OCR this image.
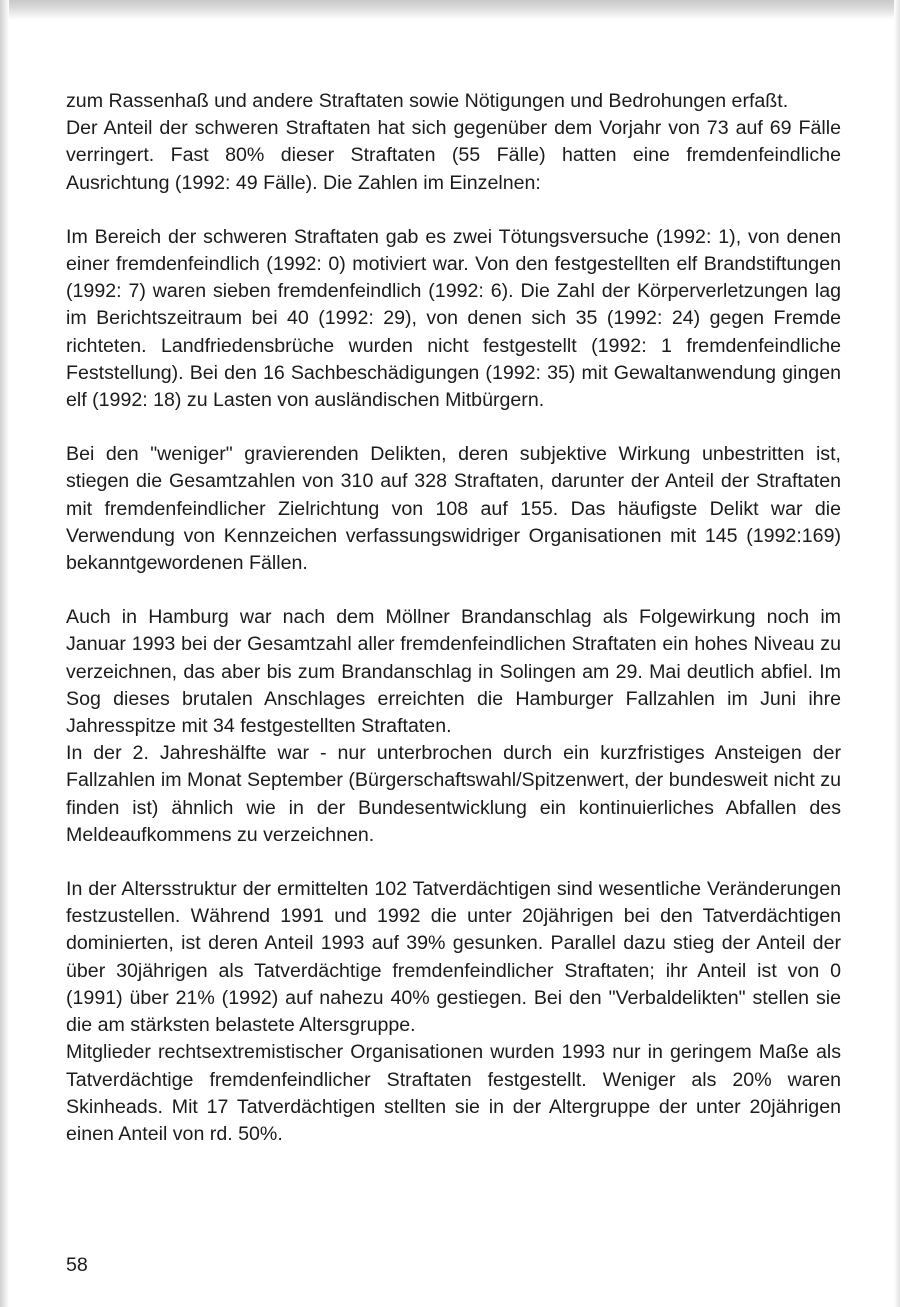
zum Rassenhaß und andere Straftaten sowie Nötigungen und Bedrohungen erfaßt.

Der Anteil der schweren Straftaten hat sich gegenüber dem Vorjahr von 73 auf 69 Fälle verringert. Fast 80% dieser Straftaten (55 Fälle) hatten eine fremdenfeindliche Ausrichtung (1992: 49 Fälle). Die Zahlen im Einzelnen:

Im Bereich der schweren Straftaten gab es zwei Tötungsversuche (1992: 1), von denen einer fremdenfeindlich (1992: 0) motiviert war. Von den festgestellten elf Brandstiftungen (1992: 7) waren sieben fremdenfeindlich (1992: 6). Die Zahl der Körperverletzungen lag im Berichtszeitraum bei 40 (1992: 29), von denen sich 35 (1992: 24) gegen Fremde richteten. Landfriedensbrüche wurden nicht festgestellt (1992: 1 fremdenfeindliche Feststellung). Bei den 16 Sachbeschädigungen (1992: 35) mit Gewaltanwendung gingen elf (1992: 18) zu Lasten von ausländischen Mitbürgern.

Bei den "weniger" gravierenden Delikten, deren subjektive Wirkung unbestritten ist, stiegen die Gesamtzahlen von 310 auf 328 Straftaten, darunter der Anteil der Straftaten mit fremdenfeindlicher Zielrichtung von 108 auf 155. Das häufigste Delikt war die Verwendung von Kennzeichen verfassungswidriger Organisationen mit 145 (1992:169) bekanntgewordenen Fällen.

Auch in Hamburg war nach dem Möllner Brandanschlag als Folgewirkung noch im Januar 1993 bei der Gesamtzahl aller fremdenfeindlichen Straftaten ein hohes Niveau zu verzeichnen, das aber bis zum Brandanschlag in Solingen am 29. Mai deutlich abfiel. Im Sog dieses brutalen Anschlages erreichten die Hamburger Fallzahlen im Juni ihre Jahresspitze mit 34 festgestellten Straftaten.

In der 2. Jahreshälfte war - nur unterbrochen durch ein kurzfristiges Ansteigen der Fallzahlen im Monat September (Bürgerschaftswahl/Spitzenwert, der bundesweit nicht zu finden ist) ähnlich wie in der Bundesentwicklung ein kontinuierliches Abfallen des Meldeaufkommens zu verzeichnen.

In der Altersstruktur der ermittelten 102 Tatverdächtigen sind wesentliche Veränderungen festzustellen. Während 1991 und 1992 die unter 20jährigen bei den Tatverdächtigen dominierten, ist deren Anteil 1993 auf 39% gesunken. Parallel dazu stieg der Anteil der über 30jährigen als Tatverdächtige fremdenfeindlicher Straftaten; ihr Anteil ist von 0 (1991) über 21% (1992) auf nahezu 40% gestiegen. Bei den "Verbaldelikten" stellen sie die am stärksten belastete Altersgruppe.

Mitglieder rechtsextremistischer Organisationen wurden 1993 nur in geringem Maße als Tatverdächtige fremdenfeindlicher Straftaten festgestellt. Weniger als 20% waren Skinheads. Mit 17 Tatverdächtigen stellten sie in der Altergruppe der unter 20jährigen einen Anteil von rd. 50%.

58
